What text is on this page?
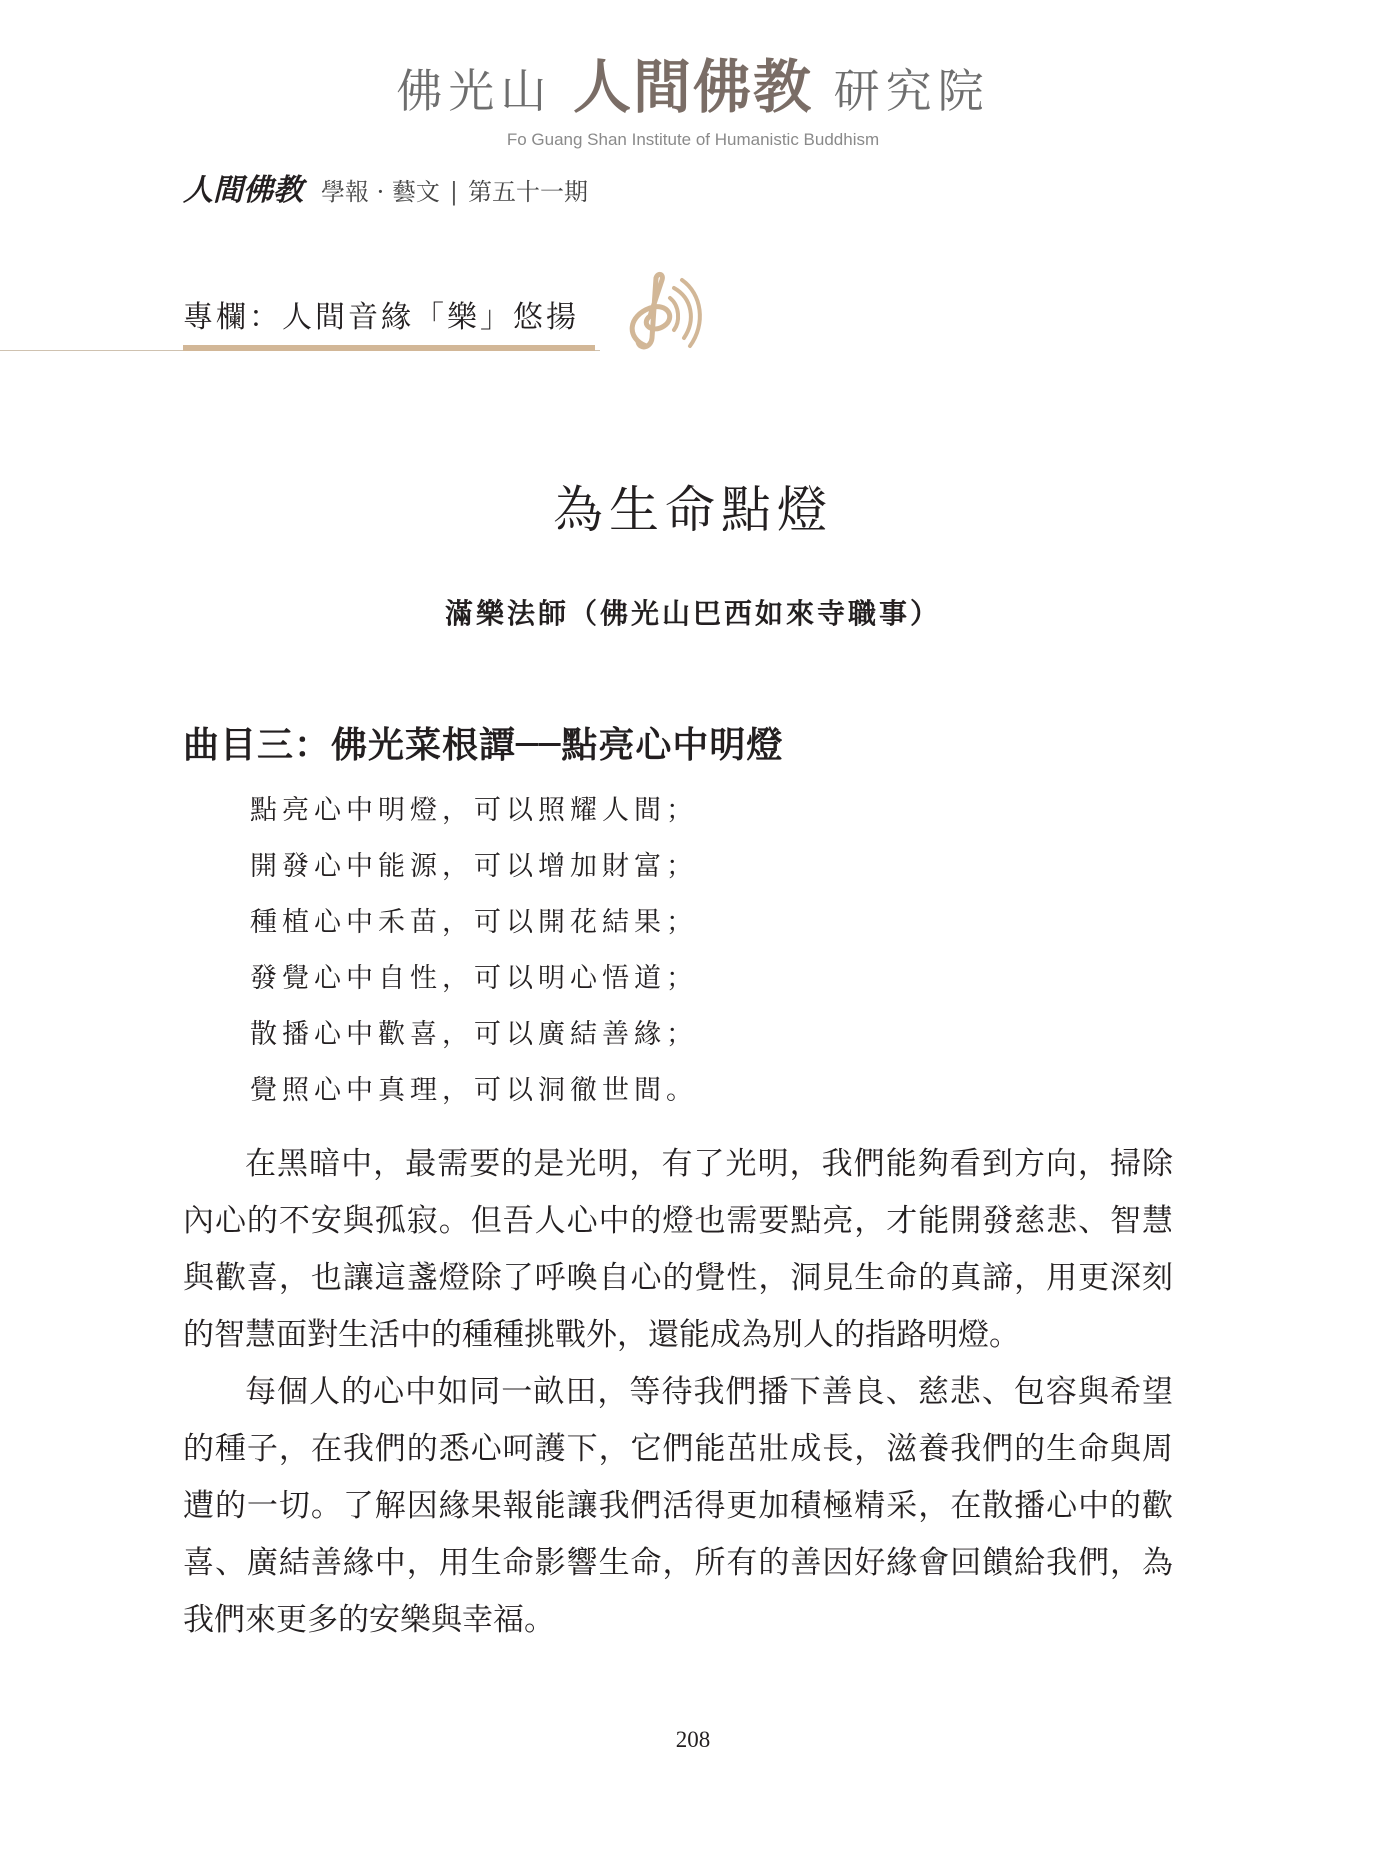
佛光山 人間佛教 研究院
Fo Guang Shan Institute of Humanistic Buddhism
人間佛教 學報 · 藝文 | 第五十一期
專欄：人間音緣「樂」悠揚
為生命點燈
滿樂法師（佛光山巴西如來寺職事）
曲目三：佛光菜根譚──點亮心中明燈
點亮心中明燈，可以照耀人間；
開發心中能源，可以增加財富；
種植心中禾苗，可以開花結果；
發覺心中自性，可以明心悟道；
散播心中歡喜，可以廣結善緣；
覺照心中真理，可以洞徹世間。

在黑暗中，最需要的是光明，有了光明，我們能夠看到方向，掃除內心的不安與孤寂。但吾人心中的燈也需要點亮，才能開發慈悲、智慧與歡喜，也讓這盞燈除了呼喚自心的覺性，洞見生命的真諦，用更深刻的智慧面對生活中的種種挑戰外，還能成為別人的指路明燈。

每個人的心中如同一畝田，等待我們播下善良、慈悲、包容與希望的種子，在我們的悉心呵護下，它們能茁壯成長，滋養我們的生命與周遭的一切。了解因緣果報能讓我們活得更加積極精采，在散播心中的歡喜、廣結善緣中，用生命影響生命，所有的善因好緣會回饋給我們，為我們來更多的安樂與幸福。

208
